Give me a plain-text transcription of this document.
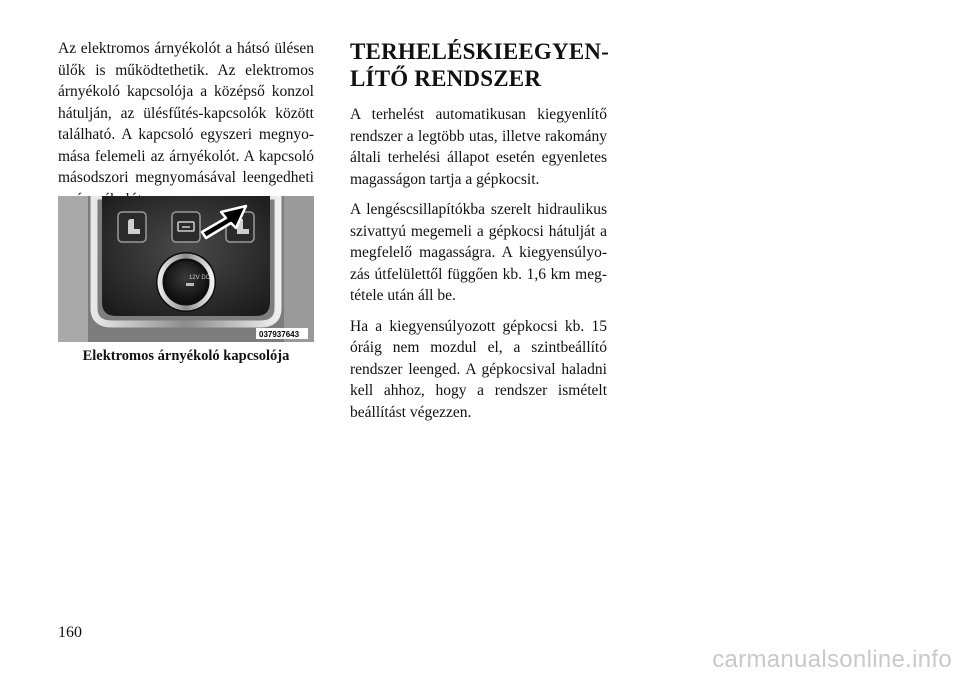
Az elektromos árnyékolót a hátsó ülésen ülők is működtethetik. Az elektromos árnyékoló kapcsolója a középső konzol hátulján, az ülésfűtés-kapcsolók között található. A kapcsoló egyszeri megnyomása felemeli az árnyékolót. A kapcsoló másodszori megnyomásával leengedheti

12V DC
037937643
Elektromos árnyékoló kapcsolója
TERHELÉSKIEEGYEN-LÍTŐ RENDSZER

A terhelést automatikusan kiegyenlítő rendszer a legtöbb utas, illetve rakomány általi terhelési állapot esetén egyenletes magasságon tartja a gépkocsit.

A lengéscsillapítókba szerelt hidraulikus szivattyú megemeli a gépkocsi hátulját a megfelelő magasságra. A kiegyensúlyozás útfelülettől függően kb. 1,6 km megtétele után áll be.

Ha a kiegyensúlyozott gépkocsi kb. 15 óráig nem mozdul el, a szintbeállító rendszer leenged. A gépkocsival haladni kell ahhoz, hogy a rendszer ismételt beállítást végezzen.

160
carmanualsonline.info
